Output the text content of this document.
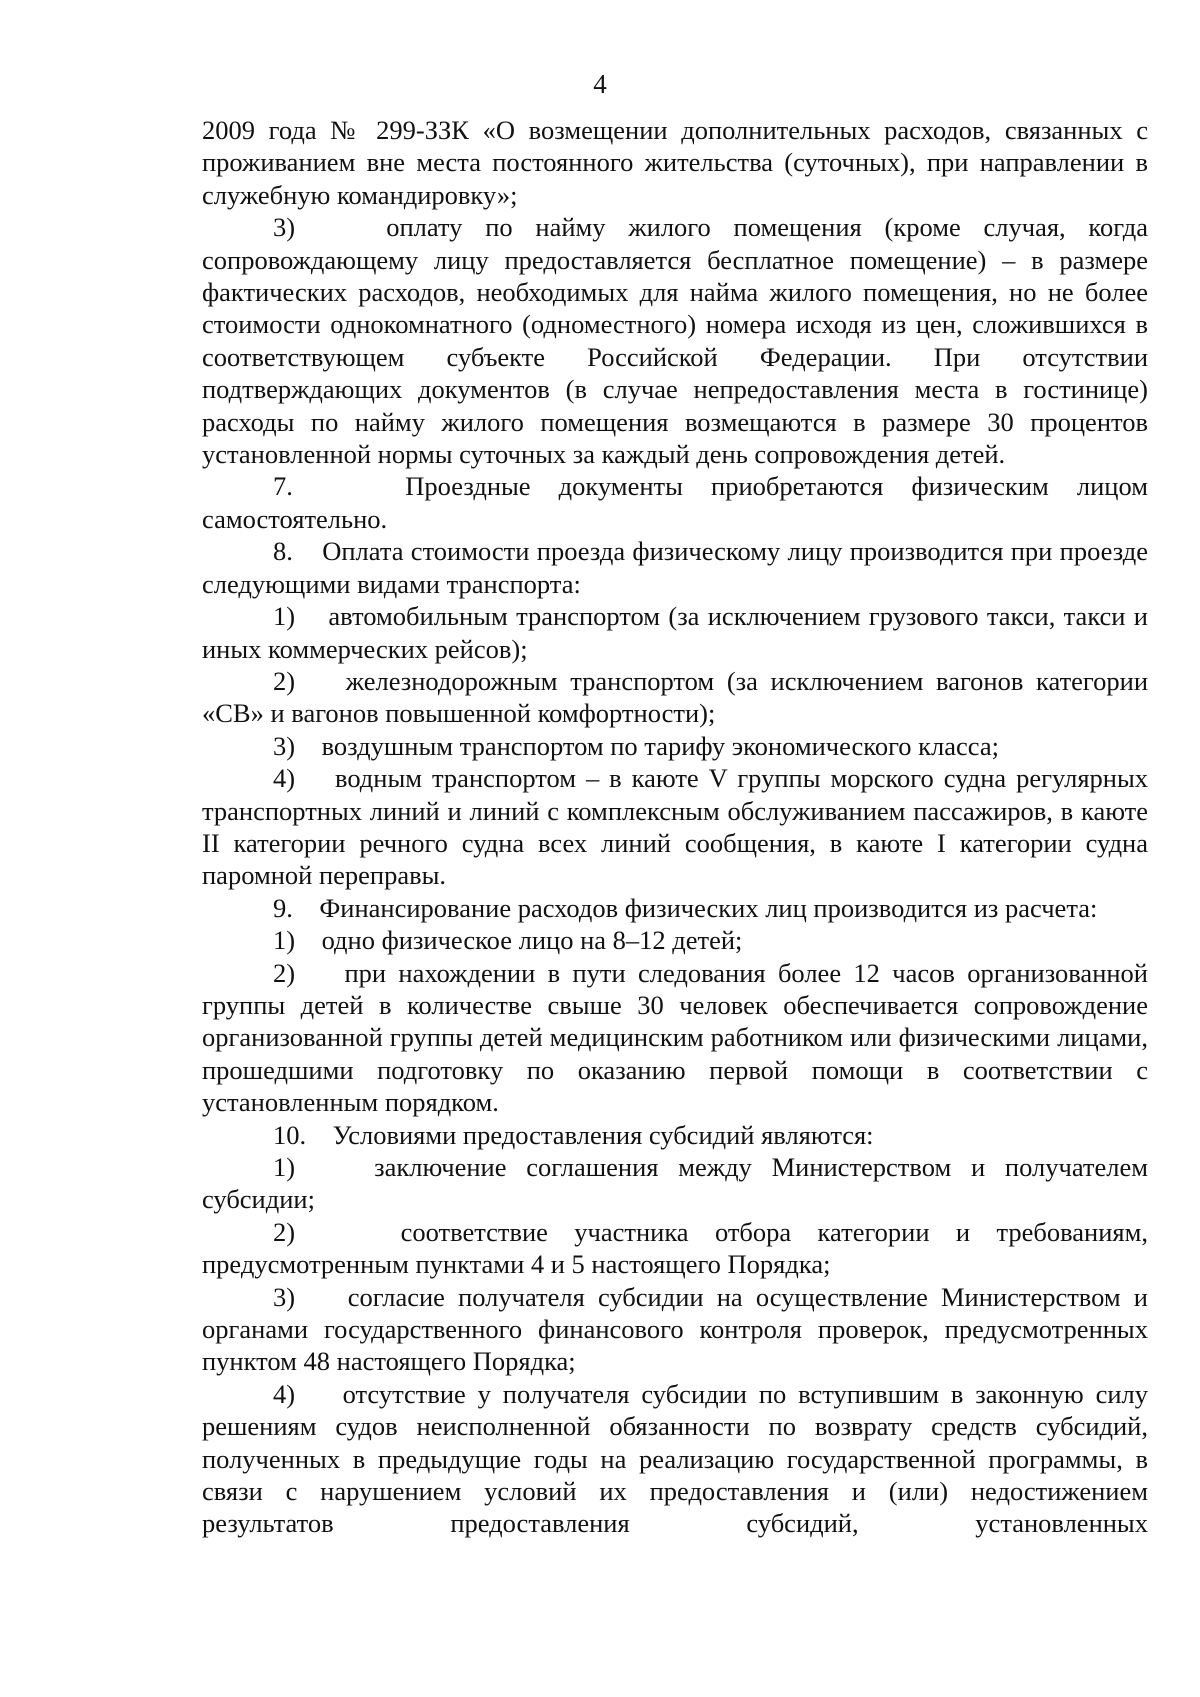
4

2009 года № 299-ЗЗК «О возмещении дополнительных расходов, связанных с проживанием вне места постоянного жительства (суточных), при направлении в служебную командировку»;

3)    оплату по найму жилого помещения (кроме случая, когда сопровождающему лицу предоставляется бесплатное помещение) – в размере фактических расходов, необходимых для найма жилого помещения, но не более стоимости однокомнатного (одноместного) номера исходя из цен, сложившихся в соответствующем субъекте Российской Федерации. При отсутствии подтверждающих документов (в случае непредоставления места в гостинице) расходы по найму жилого помещения возмещаются в размере 30 процентов установленной нормы суточных за каждый день сопровождения детей.

7.    Проездные документы приобретаются физическим лицом самостоятельно.

8.    Оплата стоимости проезда физическому лицу производится при проезде следующими видами транспорта:

1)    автомобильным транспортом (за исключением грузового такси, такси и иных коммерческих рейсов);

2)    железнодорожным транспортом (за исключением вагонов категории «СВ» и вагонов повышенной комфортности);

3)    воздушным транспортом по тарифу экономического класса;

4)    водным транспортом – в каюте V группы морского судна регулярных транспортных линий и линий с комплексным обслуживанием пассажиров, в каюте II категории речного судна всех линий сообщения, в каюте I категории судна паромной переправы.

9.    Финансирование расходов физических лиц производится из расчета:

1)    одно физическое лицо на 8–12 детей;

2)    при нахождении в пути следования более 12 часов организованной группы детей в количестве свыше 30 человек обеспечивается сопровождение организованной группы детей медицинским работником или физическими лицами, прошедшими подготовку по оказанию первой помощи в соответствии с установленным порядком.

10.    Условиями предоставления субсидий являются:

1)    заключение соглашения между Министерством и получателем субсидии;

2)    соответствие участника отбора категории и требованиям, предусмотренным пунктами 4 и 5 настоящего Порядка;

3)    согласие получателя субсидии на осуществление Министерством и органами государственного финансового контроля проверок, предусмотренных пунктом 48 настоящего Порядка;

4)    отсутствие у получателя субсидии по вступившим в законную силу решениям судов неисполненной обязанности по возврату средств субсидий, полученных в предыдущие годы на реализацию государственной программы, в связи с нарушением условий их предоставления и (или) недостижением результатов предоставления субсидий, установленных
